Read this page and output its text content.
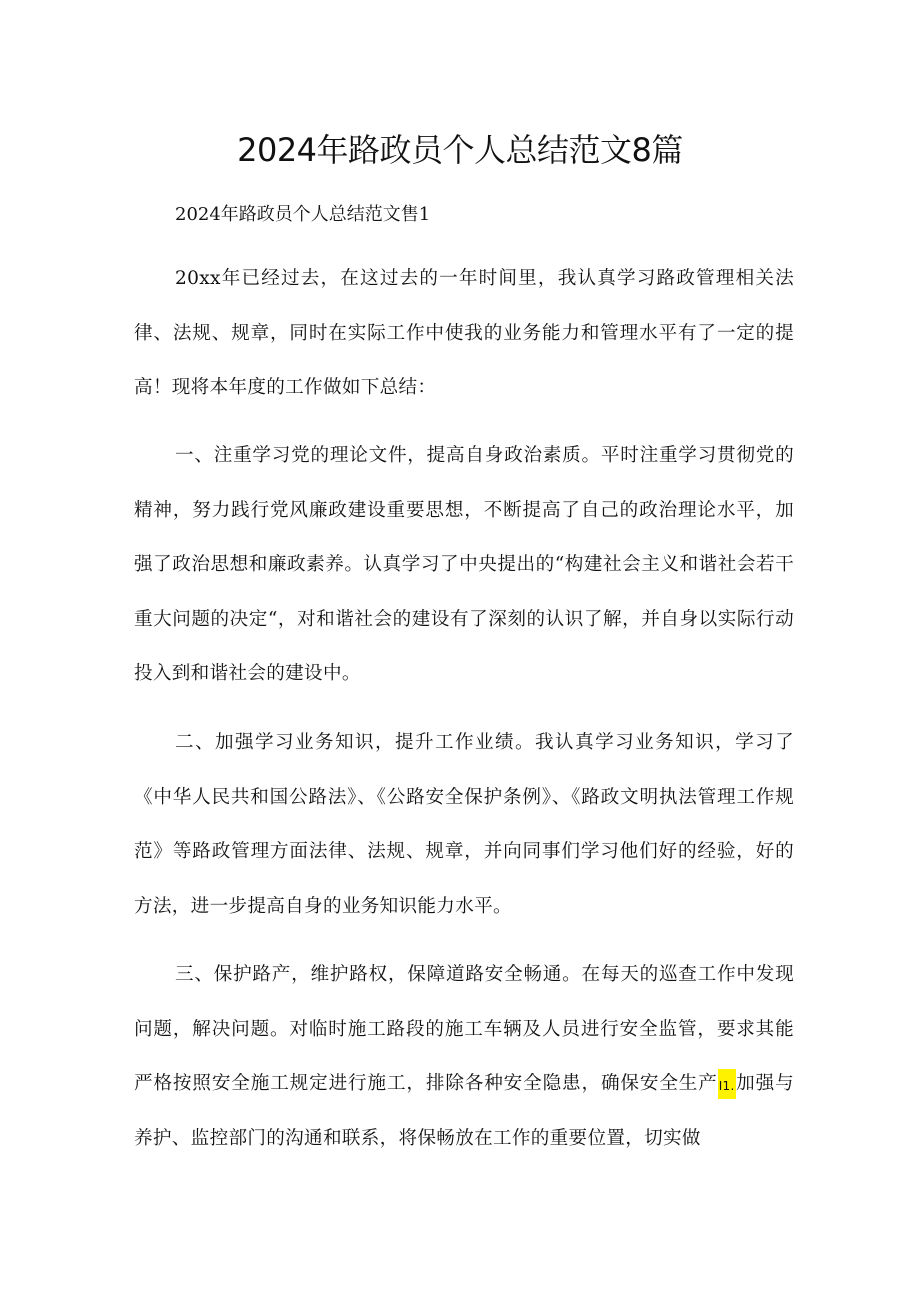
2024年路政员个人总结范文8篇

2024年路政员个人总结范文售1

20xx年已经过去，在这过去的一年时间里，我认真学习路政管理相关法律、法规、规章，同时在实际工作中使我的业务能力和管理水平有了一定的提高！现将本年度的工作做如下总结：

一、注重学习党的理论文件，提高自身政治素质。平时注重学习贯彻党的精神，努力践行党风廉政建设重要思想，不断提高了自己的政治理论水平，加强了政治思想和廉政素养。认真学习了中央提出的“构建社会主义和谐社会若干重大问题的决定“，对和谐社会的建设有了深刻的认识了解，并自身以实际行动投入到和谐社会的建设中。

二、加强学习业务知识，提升工作业绩。我认真学习业务知识，学习了《中华人民共和国公路法》、《公路安全保护条例》、《路政文明执法管理工作规范》等路政管理方面法律、法规、规章，并向同事们学习他们好的经验，好的方法，进一步提高自身的业务知识能力水平。

三、保护路产，维护路权，保障道路安全畅通。在每天的巡查工作中发现问题，解决问题。对临时施工路段的施工车辆及人员进行安全监管，要求其能严格按照安全施工规定进行施工，排除各种安全隐患，确保安全生产I1.加强与养护、监控部门的沟通和联系，将保畅放在工作的重要位置，切实做
